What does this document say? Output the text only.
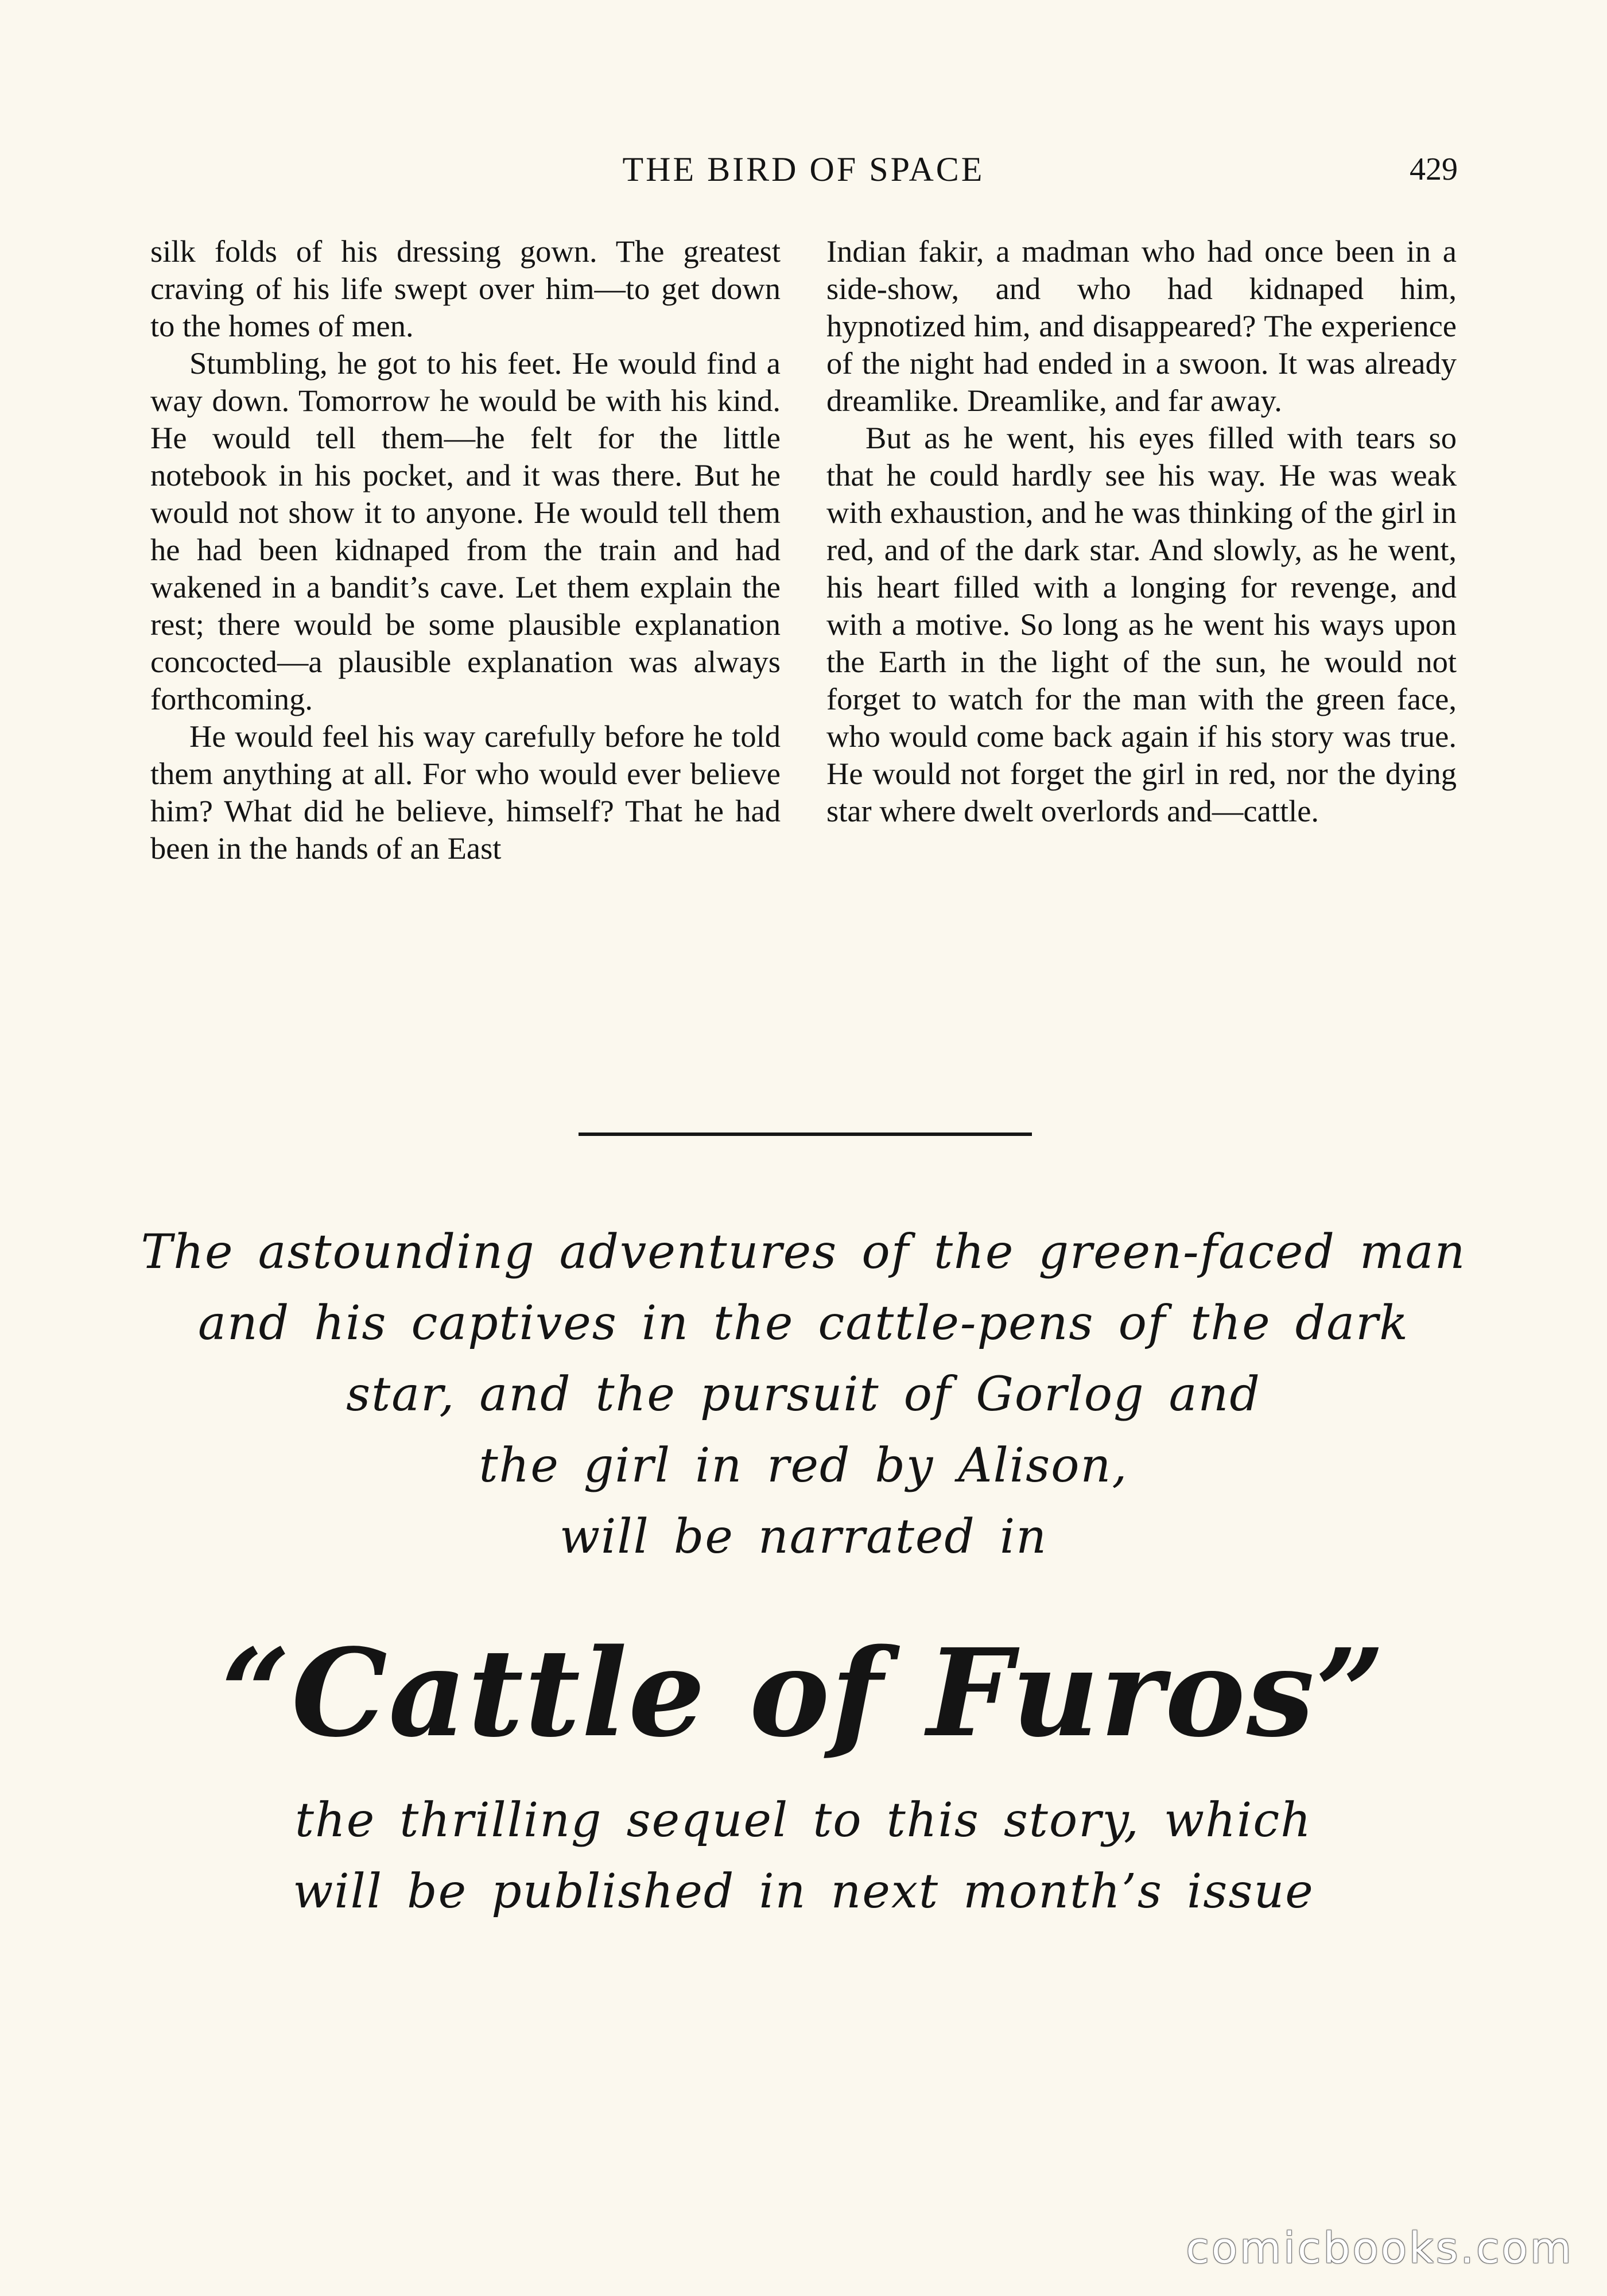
THE BIRD OF SPACE	429

silk folds of his dressing gown. The greatest craving of his life swept over him—to get down to the homes of men.

Stumbling, he got to his feet. He would find a way down. Tomorrow he would be with his kind. He would tell them—he felt for the little notebook in his pocket, and it was there. But he would not show it to anyone. He would tell them he had been kidnaped from the train and had wakened in a bandit’s cave. Let them explain the rest; there would be some plausible explanation concocted—a plausible explanation was always forthcoming.

He would feel his way carefully before he told them anything at all. For who would ever believe him? What did he believe, himself? That he had been in the hands of an East

Indian fakir, a madman who had once been in a side-show, and who had kidnaped him, hypnotized him, and disappeared? The experience of the night had ended in a swoon. It was already dreamlike. Dreamlike, and far away.

But as he went, his eyes filled with tears so that he could hardly see his way. He was weak with exhaustion, and he was thinking of the girl in red, and of the dark star. And slowly, as he went, his heart filled with a longing for revenge, and with a motive. So long as he went his ways upon the Earth in the light of the sun, he would not forget to watch for the man with the green face, who would come back again if his story was true. He would not forget the girl in red, nor the dying star where dwelt overlords and—cattle.

The astounding adventures of the green-faced man
and his captives in the cattle-pens of the dark
star, and the pursuit of Gorlog and
the girl in red by Alison,
will be narrated in
“Cattle of Furos”
the thrilling sequel to this story, which
will be published in next month’s issue
comicbooks.com
